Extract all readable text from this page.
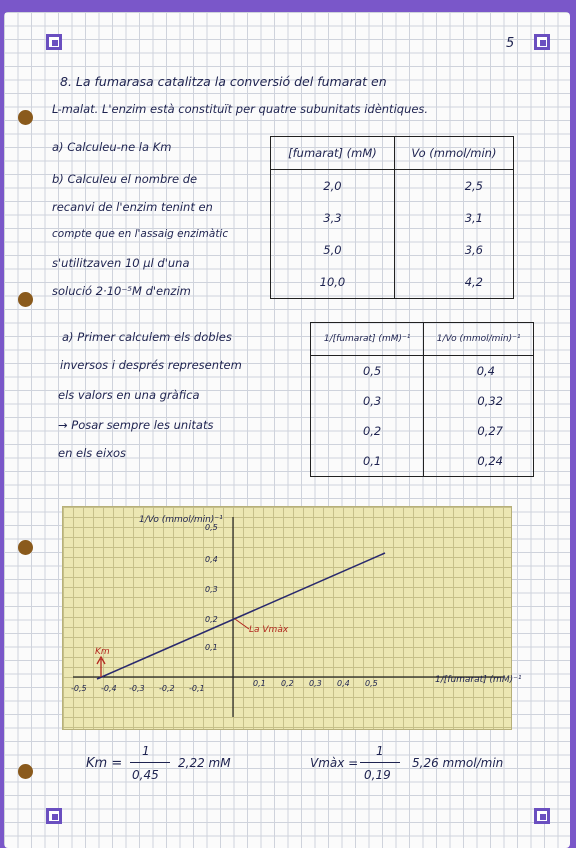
5
8. La fumarasa catalitza la conversió del fumarat en
L-malat. L'enzim està constituït per quatre subunitats idèntiques.
a) Calculeu-ne la Km
b) Calculeu el nombre de
recanvi de l'enzim tenint en
compte que en l'assaig enzimàtic
s'utilitzaven 10 µl d'una
solució 2·10⁻⁵M d'enzim
[fumarat] (mM)	Vo (mmol/min)
2,0	2,5
3,3	3,1
5,0	3,6
10,0	4,2
a) Primer calculem els dobles
inversos i després representem
els valors en una gràfica
→ Posar sempre les unitats
en els eixos
1/[fumarat] (mM)⁻¹	1/Vo (mmol/min)⁻¹
0,5	0,4
0,3	0,32
0,2	0,27
0,1	0,24
1/Vo (mmol/min)⁻¹
1/[fumarat] (mM)⁻¹
0,5
0,4
0,3
0,2
0,1
-0,5 -0,4 -0,3 -0,2 -0,1
0,1 0,2 0,3 0,4 0,5
Km
La Vmàx
Km =
1
0,45
2,22 mM	Vmàx =
1
0,19
5,26 mmol/min
